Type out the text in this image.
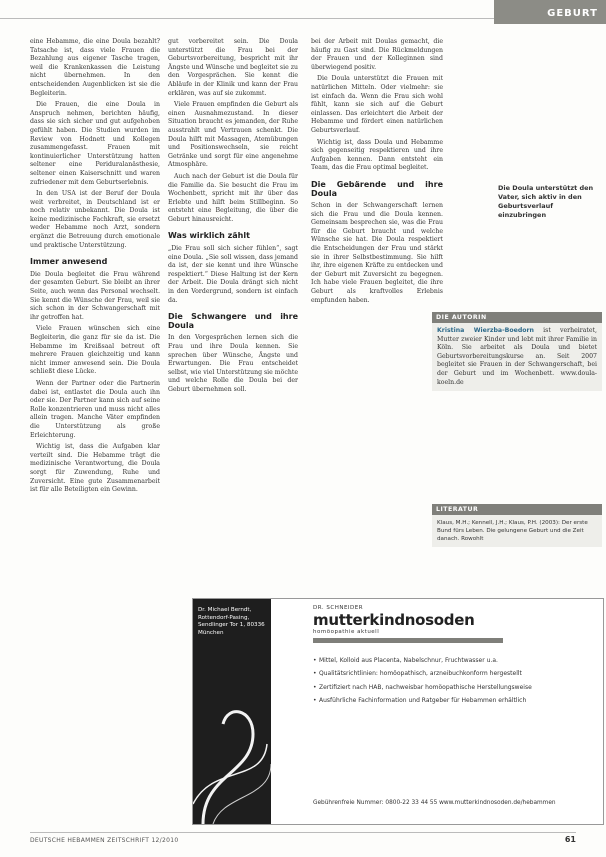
GEBURT

eine Hebamme, die eine Doula bezahlt? Tatsache ist, dass viele Frauen die Bezahlung aus eigener Tasche tragen, weil die Krankenkassen die Leistung nicht übernehmen. In den entscheidenden Augenblicken ist sie die Begleiterin.

Die Frauen, die eine Doula in Anspruch nehmen, berichten häufig, dass sie sich sicher und gut aufgehoben gefühlt haben. Die Studien wurden im Review von Hodnett und Kollegen zusammengefasst. Frauen mit kontinuierlicher Unterstützung hatten seltener eine Periduralanästhesie, seltener einen Kaiserschnitt und waren zufriedener mit dem Geburtserlebnis.

In den USA ist der Beruf der Doula weit verbreitet, in Deutschland ist er noch relativ unbekannt. Die Doula ist keine medizinische Fachkraft, sie ersetzt weder Hebamme noch Arzt, sondern ergänzt die Betreuung durch emotionale und praktische Unterstützung.

Immer anwesend

Die Doula begleitet die Frau während der gesamten Geburt. Sie bleibt an ihrer Seite, auch wenn das Personal wechselt. Sie kennt die Wünsche der Frau, weil sie sich schon in der Schwangerschaft mit ihr getroffen hat.

Viele Frauen wünschen sich eine Begleiterin, die ganz für sie da ist. Die Hebamme im Kreißsaal betreut oft mehrere Frauen gleichzeitig und kann nicht immer anwesend sein. Die Doula schließt diese Lücke.

Wenn der Partner oder die Partnerin dabei ist, entlastet die Doula auch ihn oder sie. Der Partner kann sich auf seine Rolle konzentrieren und muss nicht alles allein tragen. Manche Väter empfinden die Unterstützung als große Erleichterung.

Wichtig ist, dass die Aufgaben klar verteilt sind. Die Hebamme trägt die medizinische Verantwortung, die Doula sorgt für Zuwendung, Ruhe und Zuversicht. Eine gute Zusammenarbeit ist für alle Beteiligten ein Gewinn.

gut vorbereitet sein. Die Doula unterstützt die Frau bei der Geburtsvorbereitung, bespricht mit ihr Ängste und Wünsche und begleitet sie zu den Vorgesprächen. Sie kennt die Abläufe in der Klinik und kann der Frau erklären, was auf sie zukommt.

Viele Frauen empfinden die Geburt als einen Ausnahmezustand. In dieser Situation braucht es jemanden, der Ruhe ausstrahlt und Vertrauen schenkt. Die Doula hilft mit Massagen, Atemübungen und Positionswechseln, sie reicht Getränke und sorgt für eine angenehme Atmosphäre.

Auch nach der Geburt ist die Doula für die Familie da. Sie besucht die Frau im Wochenbett, spricht mit ihr über das Erlebte und hilft beim Stillbeginn. So entsteht eine Begleitung, die über die Geburt hinausreicht.

Was wirklich zählt

„Die Frau soll sich sicher fühlen“, sagt eine Doula. „Sie soll wissen, dass jemand da ist, der sie kennt und ihre Wünsche respektiert.“ Diese Haltung ist der Kern der Arbeit. Die Doula drängt sich nicht in den Vordergrund, sondern ist einfach da.

Die Schwangere und ihre Doula

In den Vorgesprächen lernen sich die Frau und ihre Doula kennen. Sie sprechen über Wünsche, Ängste und Erwartungen. Die Frau entscheidet selbst, wie viel Unterstützung sie möchte und welche Rolle die Doula bei der Geburt übernehmen soll.

bei der Arbeit mit Doulas gemacht, die häufig zu Gast sind. Die Rückmeldungen der Frauen und der Kolleginnen sind überwiegend positiv.

Die Doula unterstützt die Frauen mit natürlichen Mitteln. Oder vielmehr: sie ist einfach da. Wenn die Frau sich wohl fühlt, kann sie sich auf die Geburt einlassen. Das erleichtert die Arbeit der Hebamme und fördert einen natürlichen Geburtsverlauf.

Wichtig ist, dass Doula und Hebamme sich gegenseitig respektieren und ihre Aufgaben kennen. Dann entsteht ein Team, das die Frau optimal begleitet.

Die Gebärende und ihre Doula

Schon in der Schwangerschaft lernen sich die Frau und die Doula kennen. Gemeinsam besprechen sie, was die Frau für die Geburt braucht und welche Wünsche sie hat. Die Doula respektiert die Entscheidungen der Frau und stärkt sie in ihrer Selbstbestimmung. Sie hilft ihr, ihre eigenen Kräfte zu entdecken und der Geburt mit Zuversicht zu begegnen. Ich habe viele Frauen begleitet, die ihre Geburt als kraftvolles Erlebnis empfunden haben.

Die Doula unterstützt den Vater, sich aktiv in den Geburtsverlauf einzubringen
DIE AUTORIN
Kristina Wierzba-Boedorn ist verheiratet, Mutter zweier Kinder und lebt mit ihrer Familie in Köln. Sie arbeitet als Doula und bietet Geburtsvorbereitungskurse an. Seit 2007 begleitet sie Frauen in der Schwangerschaft, bei der Geburt und im Wochenbett. www.doula-koeln.de
LITERATUR
Klaus, M.H.; Kennell, J.H.; Klaus, P.H. (2003): Der erste Bund fürs Leben. Die gelungene Geburt und die Zeit danach. Rowohlt
Dr. Michael Berndt, Rottendorf-Pasing, Sendlinger Tor 1, 80336 München
DR. SCHNEIDER
mutterkindnosoden
homöopathie aktuell
• Mittel, Kolloid aus Placenta, Nabelschnur, Fruchtwasser u.a.
• Qualitätsrichtlinien: homöopathisch, arzneibuchkonform hergestellt
• Zertifiziert nach HAB, nachweisbar homöopathische Herstellungsweise
• Ausführliche Fachinformation und Ratgeber für Hebammen erhältlich
Gebührenfreie Nummer: 0800-22 33 44 55 www.mutterkindnosoden.de/hebammen
DEUTSCHE HEBAMMEN ZEITSCHRIFT 12/2010	61
